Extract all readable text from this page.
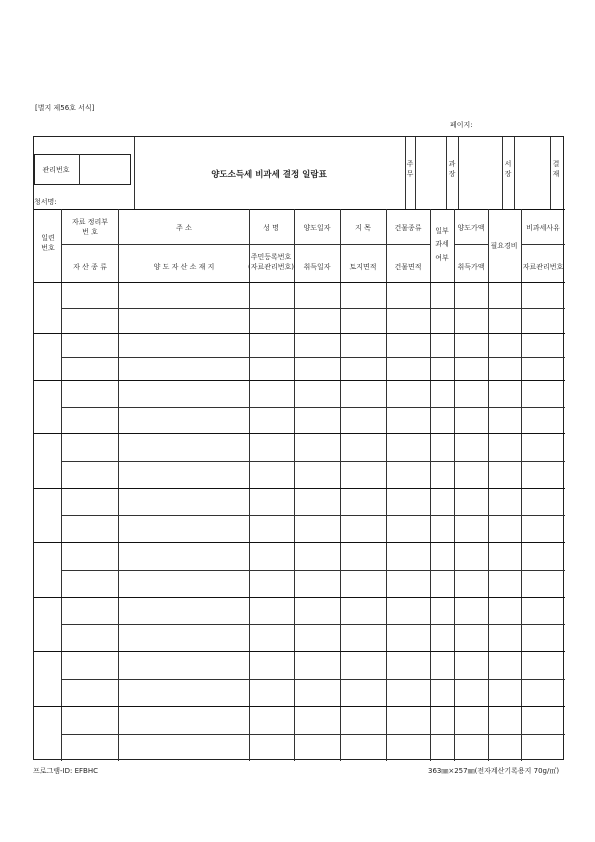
[별지 제56호 서식]
페이지:
관리번호	양도소득세 비과세 결정 일람표
청서명:
주
무
과
장
서
장
결
재
일련
번호
자료 정리부
번 호
자 산 종 류
주 소
양 도 자 산 소 재 지
성 명
주민등록번호
(자료관리번호)
양도일자
취득일자
지 목
토지면적
건물종류
건물면적
일부
과세
여부
양도가액
취득가액
필요경비
비과세사유
자료관리번호
프로그램-ID: EFBHC	363㎜×257㎜(전자계산기록용지 70g/㎡)
